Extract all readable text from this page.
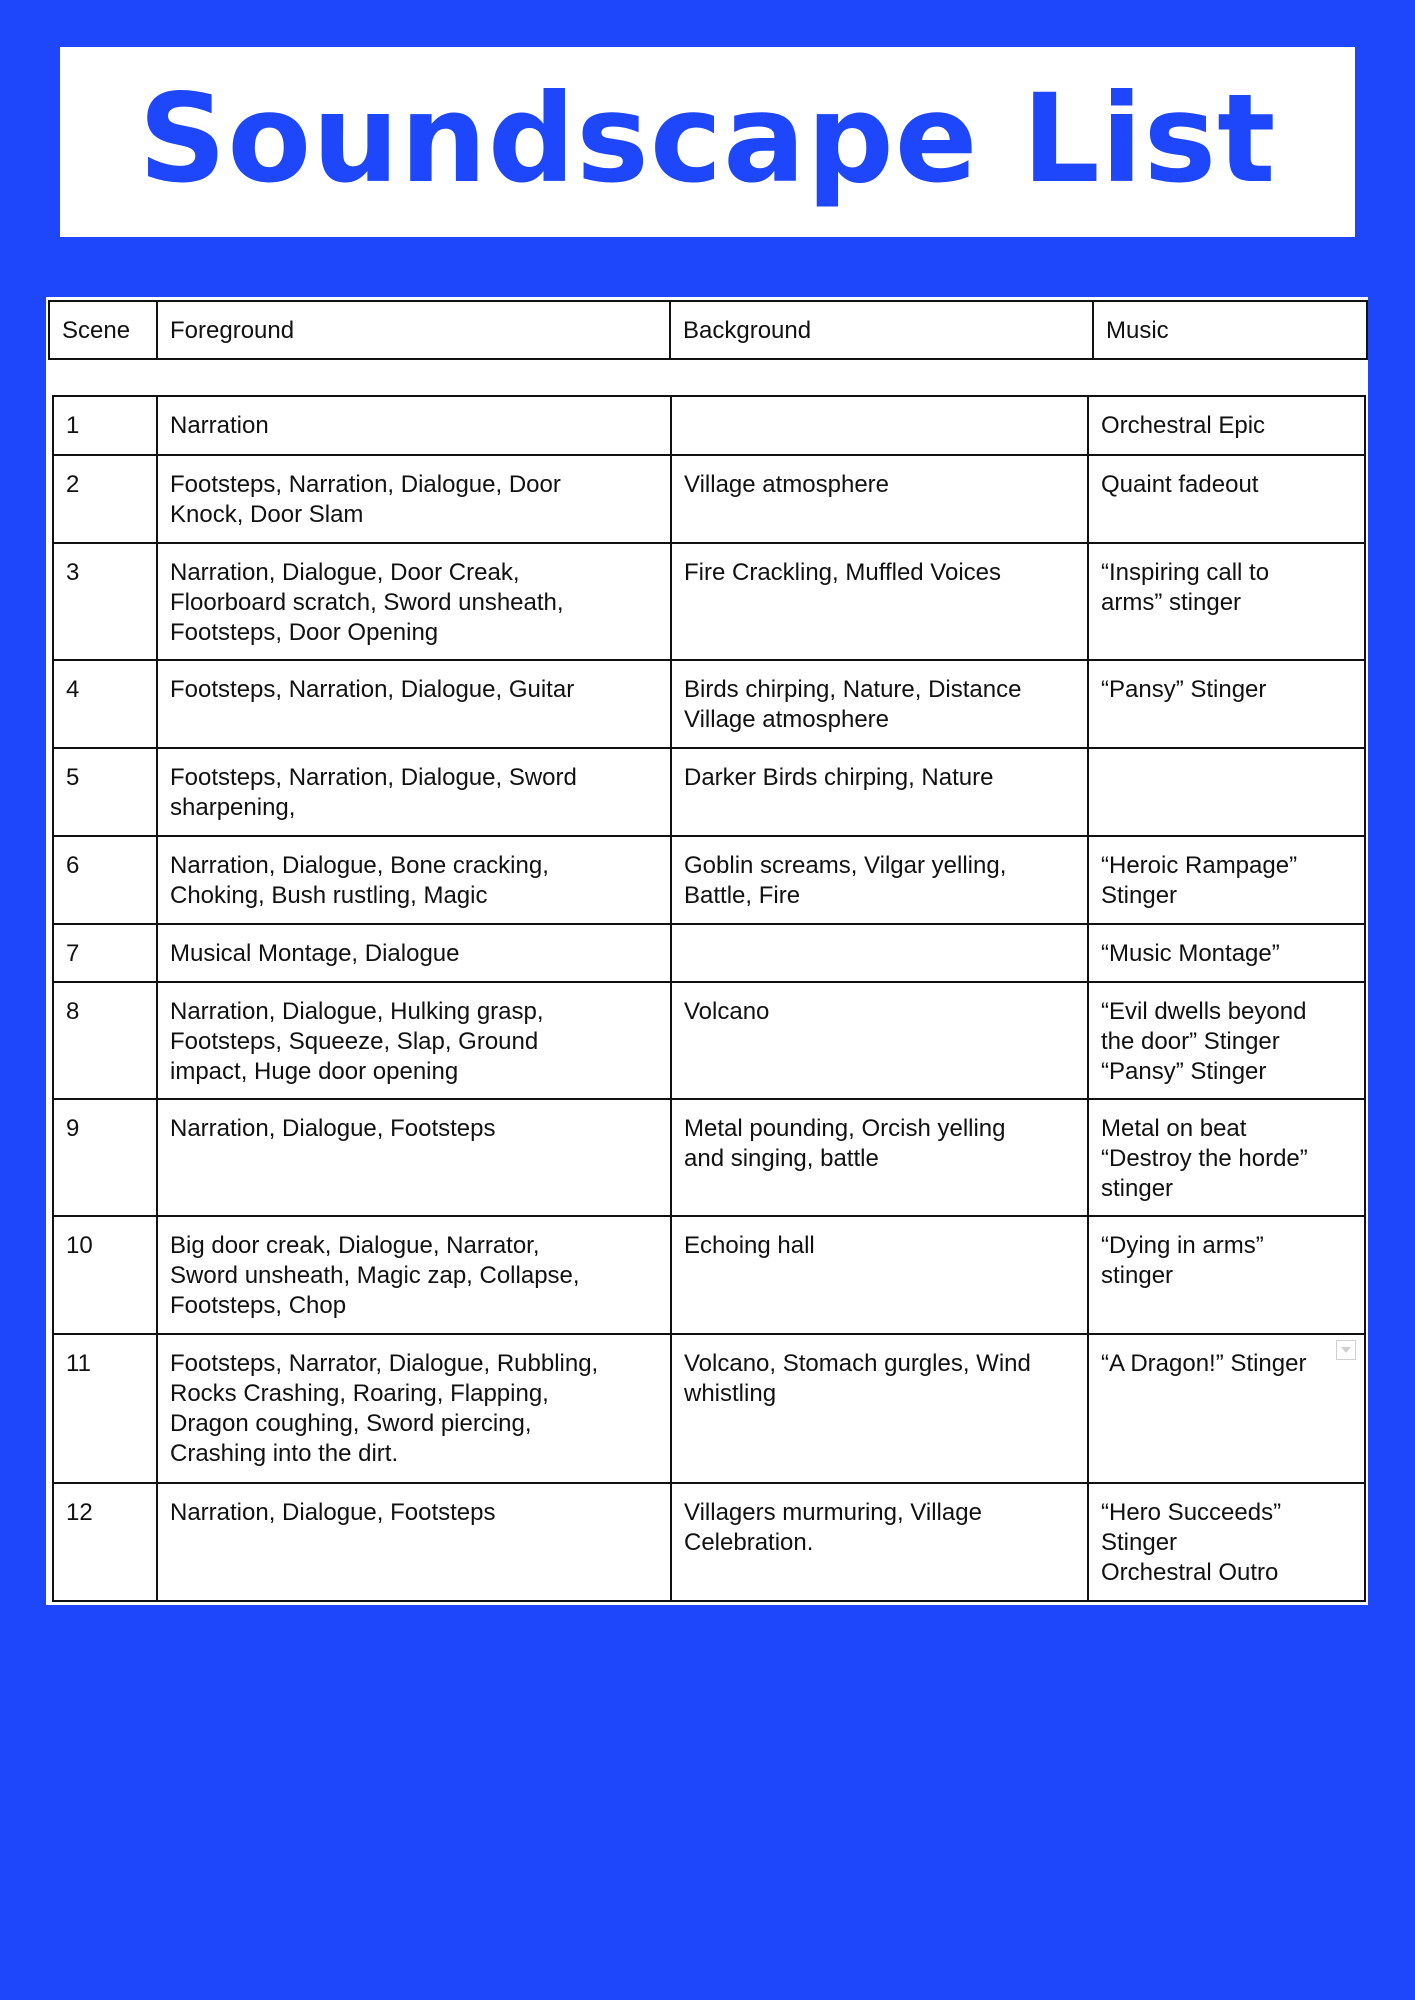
Soundscape List
Scene	Foreground	Background	Music
1	Narration		Orchestral Epic
2	Footsteps, Narration, Dialogue, Door
Knock, Door Slam	Village atmosphere	Quaint fadeout
3	Narration, Dialogue, Door Creak,
Floorboard scratch, Sword unsheath,
Footsteps, Door Opening	Fire Crackling, Muffled Voices	“Inspiring call to
arms” stinger
4	Footsteps, Narration, Dialogue, Guitar	Birds chirping, Nature, Distance
Village atmosphere	“Pansy” Stinger
5	Footsteps, Narration, Dialogue, Sword
sharpening,	Darker Birds chirping, Nature	
6	Narration, Dialogue, Bone cracking,
Choking, Bush rustling, Magic	Goblin screams, Vilgar yelling,
Battle, Fire	“Heroic Rampage”
Stinger
7	Musical Montage, Dialogue		“Music Montage”
8	Narration, Dialogue, Hulking grasp,
Footsteps, Squeeze, Slap, Ground
impact, Huge door opening	Volcano	“Evil dwells beyond
the door” Stinger
“Pansy” Stinger
9	Narration, Dialogue, Footsteps	Metal pounding, Orcish yelling
and singing, battle	Metal on beat
“Destroy the horde”
stinger
10	Big door creak, Dialogue, Narrator,
Sword unsheath, Magic zap, Collapse,
Footsteps, Chop	Echoing hall	“Dying in arms”
stinger
11	Footsteps, Narrator, Dialogue, Rubbling,
Rocks Crashing, Roaring, Flapping,
Dragon coughing, Sword piercing,
Crashing into the dirt.	Volcano, Stomach gurgles, Wind
whistling	“A Dragon!” Stinger
12	Narration, Dialogue, Footsteps	Villagers murmuring, Village
Celebration.	“Hero Succeeds”
Stinger
Orchestral Outro
